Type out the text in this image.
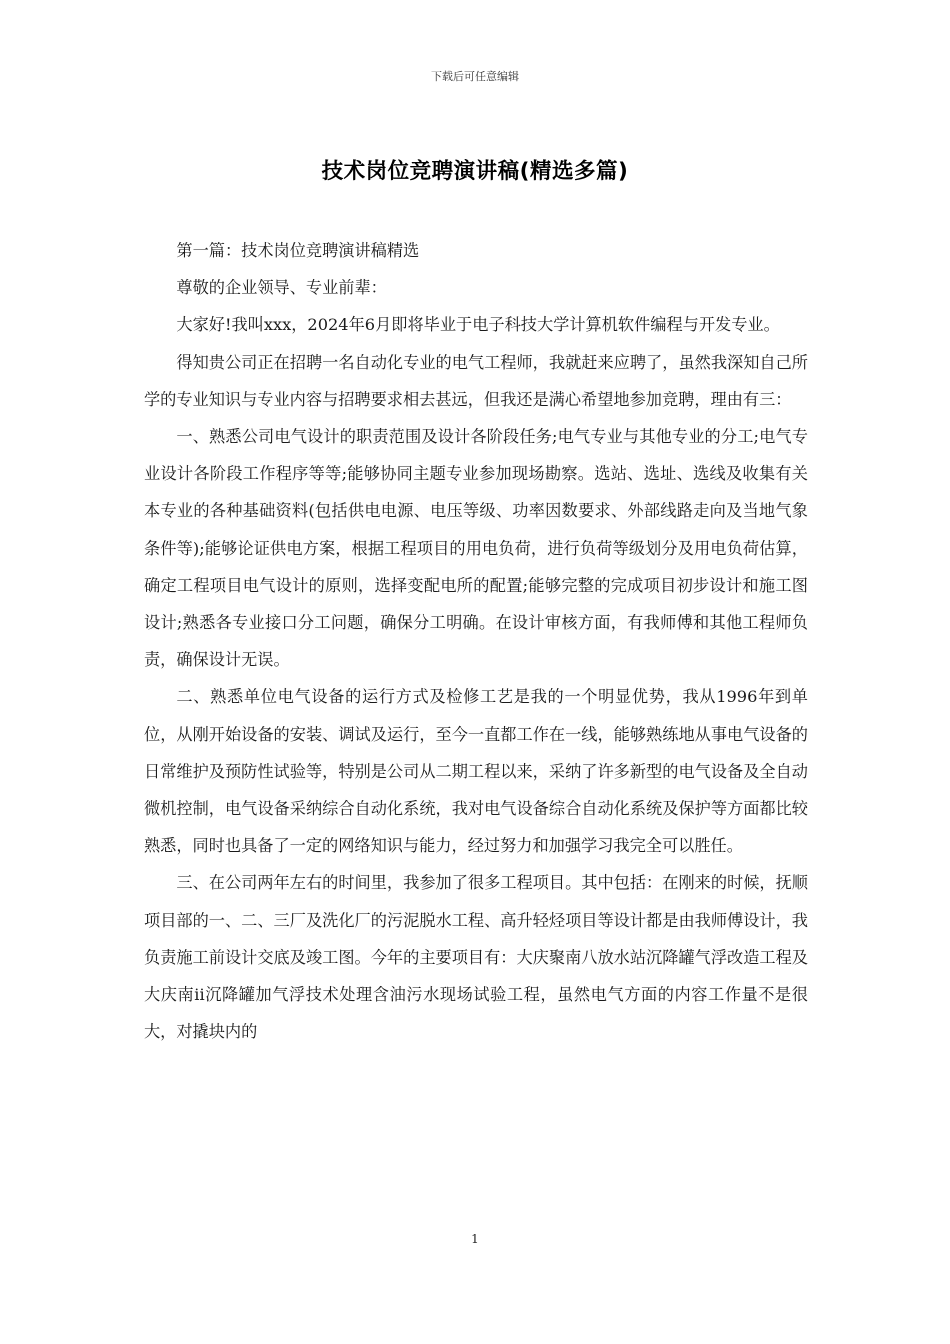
下载后可任意编辑
技术岗位竞聘演讲稿(精选多篇)

第一篇：技术岗位竞聘演讲稿精选

尊敬的企业领导、专业前辈：

大家好!我叫xxx，2024年6月即将毕业于电子科技大学计算机软件编程与开发专业。

得知贵公司正在招聘一名自动化专业的电气工程师，我就赶来应聘了，虽然我深知自己所学的专业知识与专业内容与招聘要求相去甚远，但我还是满心希望地参加竞聘，理由有三：

一、熟悉公司电气设计的职责范围及设计各阶段任务;电气专业与其他专业的分工;电气专业设计各阶段工作程序等等;能够协同主题专业参加现场勘察。选站、选址、选线及收集有关本专业的各种基础资料(包括供电电源、电压等级、功率因数要求、外部线路走向及当地气象条件等);能够论证供电方案，根据工程项目的用电负荷，进行负荷等级划分及用电负荷估算，确定工程项目电气设计的原则，选择变配电所的配置;能够完整的完成项目初步设计和施工图设计;熟悉各专业接口分工问题，确保分工明确。在设计审核方面，有我师傅和其他工程师负责，确保设计无误。

二、熟悉单位电气设备的运行方式及检修工艺是我的一个明显优势，我从1996年到单位，从刚开始设备的安装、调试及运行，至今一直都工作在一线，能够熟练地从事电气设备的日常维护及预防性试验等，特别是公司从二期工程以来，采纳了许多新型的电气设备及全自动微机控制，电气设备采纳综合自动化系统，我对电气设备综合自动化系统及保护等方面都比较熟悉，同时也具备了一定的网络知识与能力，经过努力和加强学习我完全可以胜任。

三、在公司两年左右的时间里，我参加了很多工程项目。其中包括：在刚来的时候，抚顺项目部的一、二、三厂及洗化厂的污泥脱水工程、高升轻烃项目等设计都是由我师傅设计，我负责施工前设计交底及竣工图。今年的主要项目有：大庆聚南八放水站沉降罐气浮改造工程及大庆南ii沉降罐加气浮技术处理含油污水现场试验工程，虽然电气方面的内容工作量不是很大，对撬块内的

1
